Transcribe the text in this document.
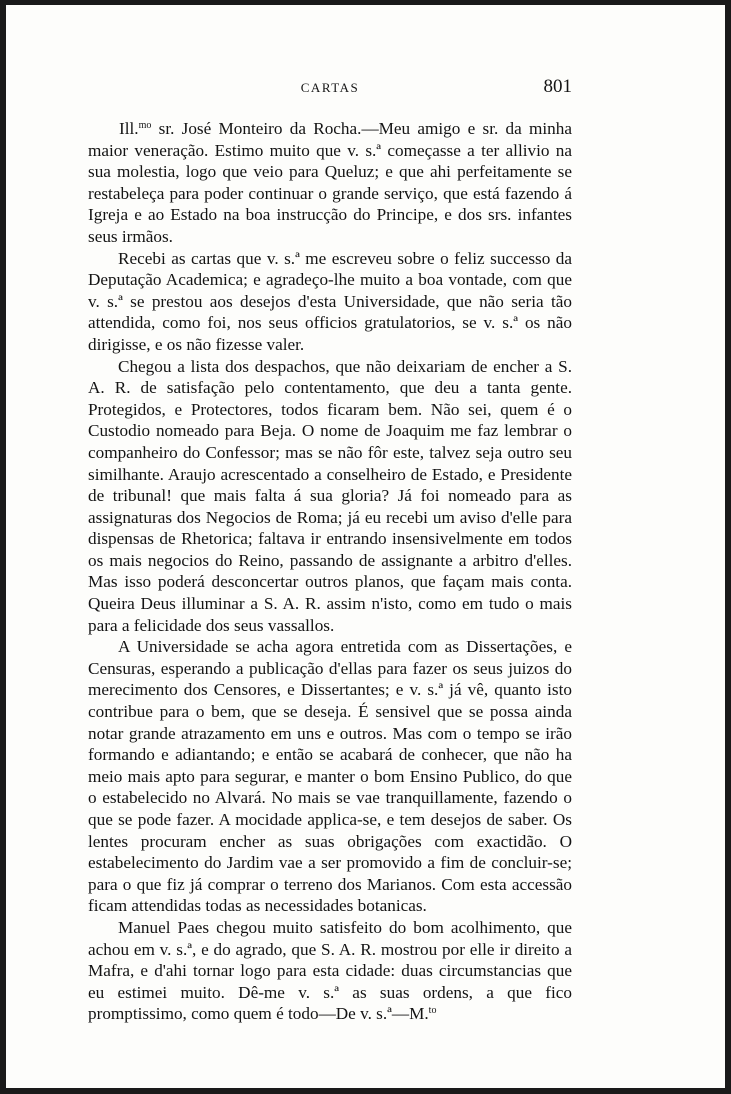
CARTAS	801

Ill.$^{mo}$ sr. José Monteiro da Rocha.—Meu amigo e sr. da minha maior veneração. Estimo muito que v. s.ª começasse a ter allivio na sua molestia, logo que veio para Queluz; e que ahi perfeitamente se restabeleça para poder continuar o grande serviço, que está fazendo á Igreja e ao Estado na boa instrucção do Principe, e dos srs. infantes seus irmãos.

Recebi as cartas que v. s.ª me escreveu sobre o feliz successo da Deputação Academica; e agradeço-lhe muito a boa vontade, com que v. s.ª se prestou aos desejos d'esta Universidade, que não seria tão attendida, como foi, nos seus officios gratulatorios, se v. s.ª os não dirigisse, e os não fizesse valer.

Chegou a lista dos despachos, que não deixariam de encher a S. A. R. de satisfação pelo contentamento, que deu a tanta gente. Protegidos, e Protectores, todos ficaram bem. Não sei, quem é o Custodio nomeado para Beja. O nome de Joaquim me faz lembrar o companheiro do Confessor; mas se não fôr este, talvez seja outro seu similhante. Araujo acrescentado a conselheiro de Estado, e Presidente de tribunal! que mais falta á sua gloria? Já foi nomeado para as assignaturas dos Negocios de Roma; já eu recebi um aviso d'elle para dispensas de Rhetorica; faltava ir entrando insensivelmente em todos os mais negocios do Reino, passando de assignante a arbitro d'elles. Mas isso poderá desconcertar outros planos, que façam mais conta. Queira Deus illuminar a S. A. R. assim n'isto, como em tudo o mais para a felicidade dos seus vassallos.

A Universidade se acha agora entretida com as Dissertações, e Censuras, esperando a publicação d'ellas para fazer os seus juizos do merecimento dos Censores, e Dissertantes; e v. s.ª já vê, quanto isto contribue para o bem, que se deseja. É sensivel que se possa ainda notar grande atrazamento em uns e outros. Mas com o tempo se irão formando e adiantando; e então se acabará de conhecer, que não ha meio mais apto para segurar, e manter o bom Ensino Publico, do que o estabelecido no Alvará. No mais se vae tranquillamente, fazendo o que se pode fazer. A mocidade applica-se, e tem desejos de saber. Os lentes procuram encher as suas obrigações com exactidão. O estabelecimento do Jardim vae a ser promovido a fim de concluir-se; para o que fiz já comprar o terreno dos Marianos. Com esta accessão ficam attendidas todas as necessidades botanicas.

Manuel Paes chegou muito satisfeito do bom acolhimento, que achou em v. s.ª, e do agrado, que S. A. R. mostrou por elle ir direito a Mafra, e d'ahi tornar logo para esta cidade: duas circumstancias que eu estimei muito. Dê-me v. s.ª as suas ordens, a que fico promptissimo, como quem é todo—De v. s.ª—M.$^{to}$
